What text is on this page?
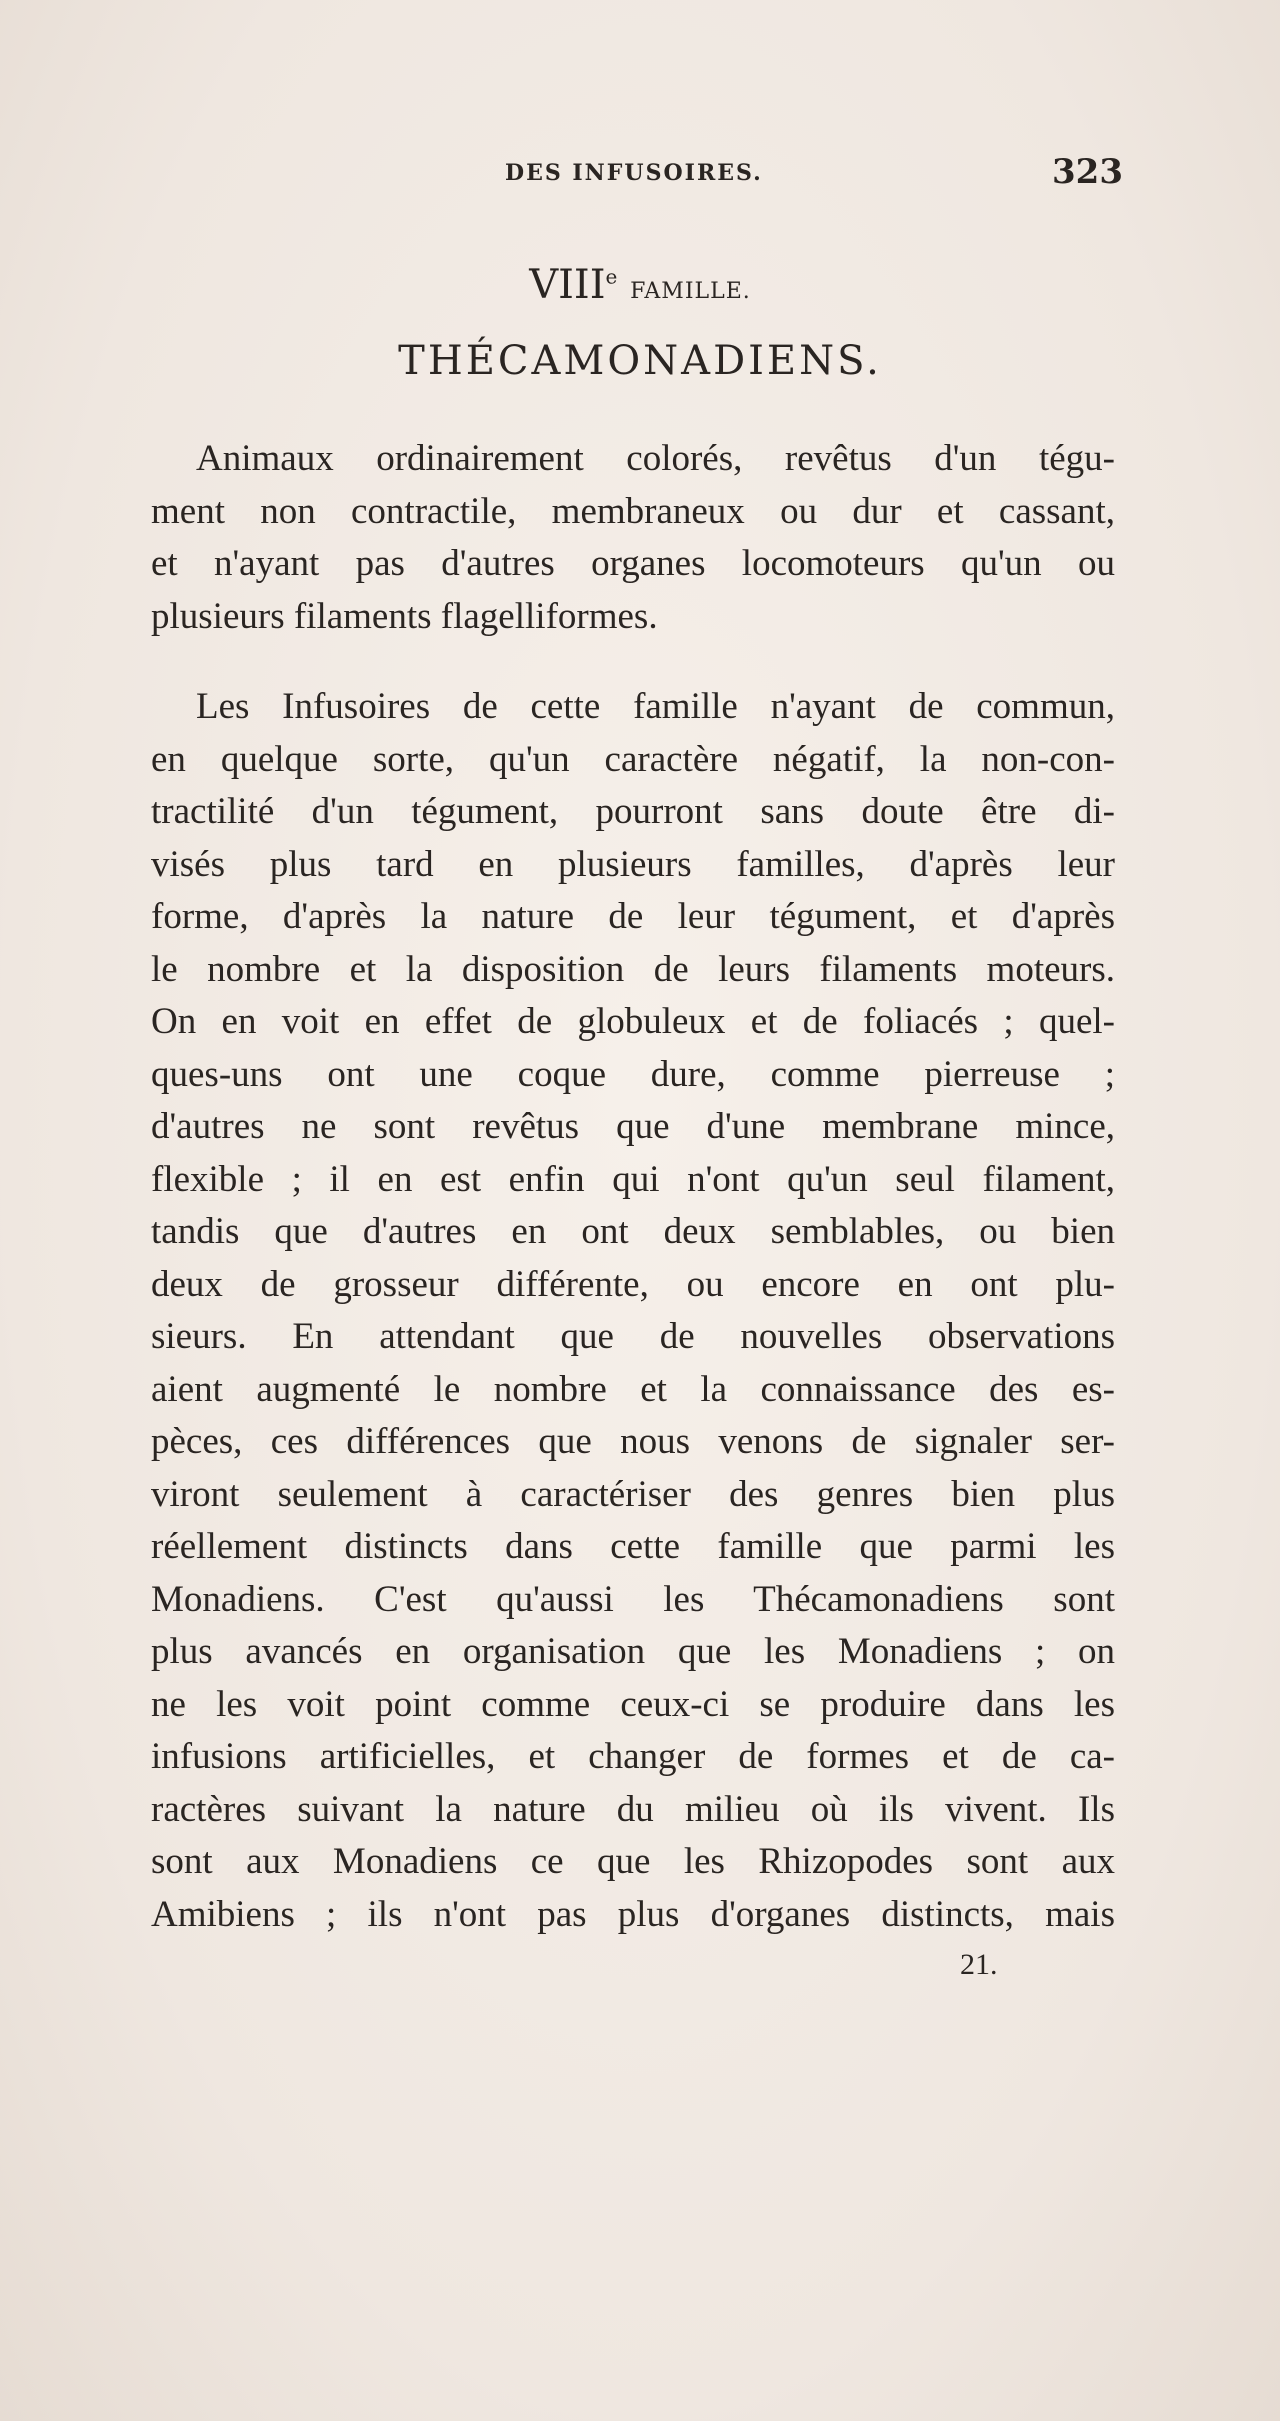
DES INFUSOIRES.	323
VIIIe FAMILLE.
THÉCAMONADIENS.
Animaux ordinairement colorés, revêtus d'un tégu-
ment non contractile, membraneux ou dur et cassant,
et n'ayant pas d'autres organes locomoteurs qu'un ou
plusieurs filaments flagelliformes.
Les Infusoires de cette famille n'ayant de commun,
en quelque sorte, qu'un caractère négatif, la non-con-
tractilité d'un tégument, pourront sans doute être di-
visés plus tard en plusieurs familles, d'après leur
forme, d'après la nature de leur tégument, et d'après
le nombre et la disposition de leurs filaments moteurs.
On en voit en effet de globuleux et de foliacés ; quel-
ques-uns ont une coque dure, comme pierreuse ;
d'autres ne sont revêtus que d'une membrane mince,
flexible ; il en est enfin qui n'ont qu'un seul filament,
tandis que d'autres en ont deux semblables, ou bien
deux de grosseur différente, ou encore en ont plu-
sieurs. En attendant que de nouvelles observations
aient augmenté le nombre et la connaissance des es-
pèces, ces différences que nous venons de signaler ser-
viront seulement à caractériser des genres bien plus
réellement distincts dans cette famille que parmi les
Monadiens. C'est qu'aussi les Thécamonadiens sont
plus avancés en organisation que les Monadiens ; on
ne les voit point comme ceux-ci se produire dans les
infusions artificielles, et changer de formes et de ca-
ractères suivant la nature du milieu où ils vivent. Ils
sont aux Monadiens ce que les Rhizopodes sont aux
Amibiens ; ils n'ont pas plus d'organes distincts, mais
21.
